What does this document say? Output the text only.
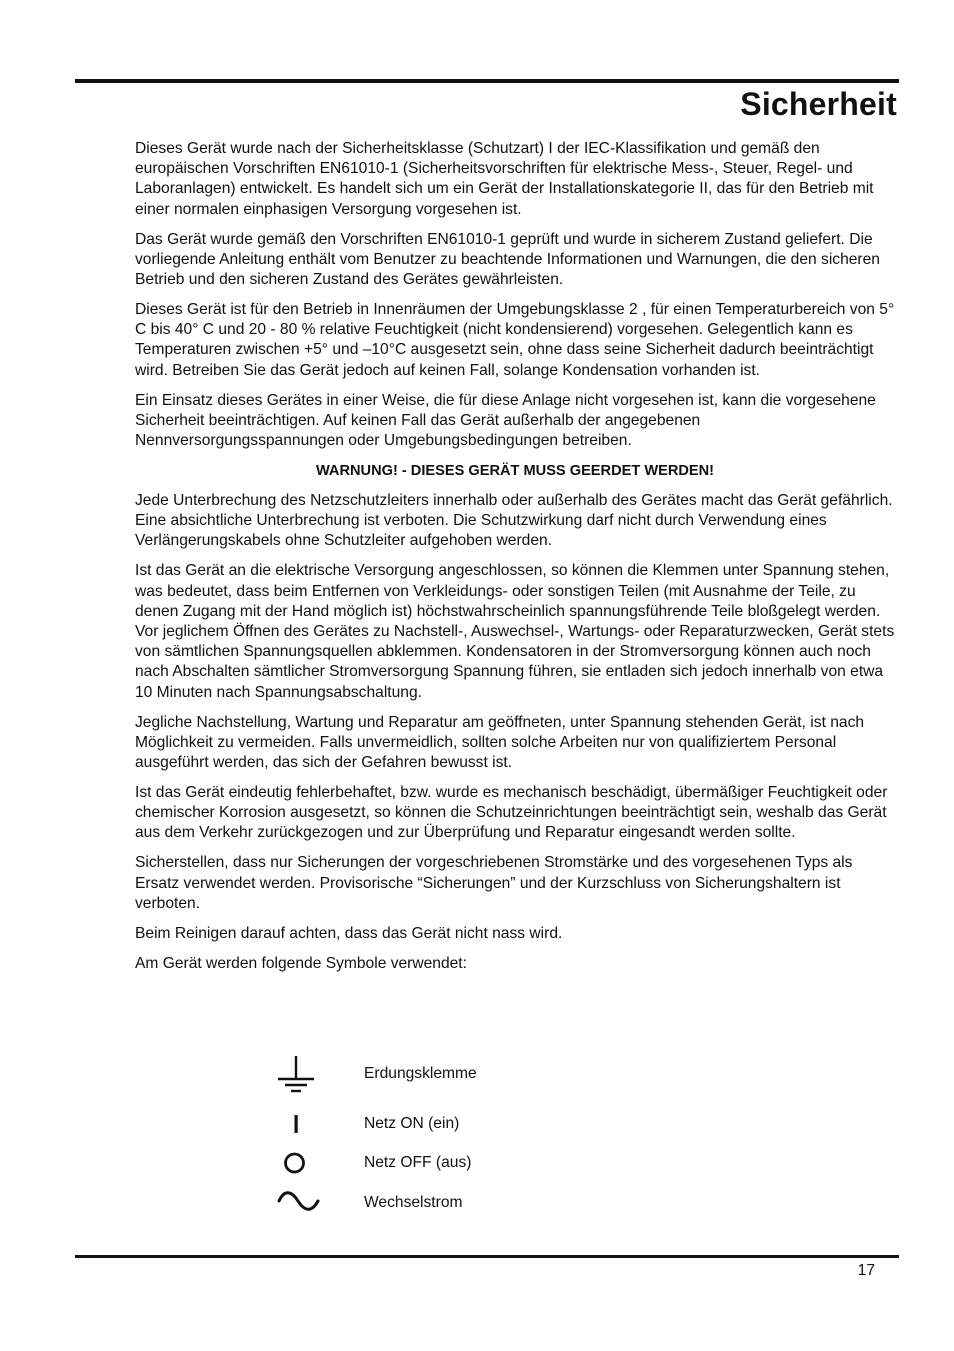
Sicherheit

Dieses Gerät wurde nach der Sicherheitsklasse (Schutzart) I der IEC-Klassifikation und gemäß den europäischen Vorschriften EN61010-1 (Sicherheitsvorschriften für elektrische Mess-, Steuer, Regel- und Laboranlagen) entwickelt. Es handelt sich um ein Gerät der Installationskategorie II, das für den Betrieb mit einer normalen einphasigen Versorgung vorgesehen ist.

Das Gerät wurde gemäß den Vorschriften EN61010-1 geprüft und wurde in sicherem Zustand geliefert. Die vorliegende Anleitung enthält vom Benutzer zu beachtende Informationen und Warnungen, die den sicheren Betrieb und den sicheren Zustand des Gerätes gewährleisten.

Dieses Gerät ist für den Betrieb in Innenräumen der Umgebungsklasse 2 , für einen Temperaturbereich von 5° C bis 40° C und 20 - 80 % relative Feuchtigkeit (nicht kondensierend) vorgesehen. Gelegentlich kann es Temperaturen zwischen +5° und –10°C ausgesetzt sein, ohne dass seine Sicherheit dadurch beeinträchtigt wird. Betreiben Sie das Gerät jedoch auf keinen Fall, solange Kondensation vorhanden ist.

Ein Einsatz dieses Gerätes in einer Weise, die für diese Anlage nicht vorgesehen ist, kann die vorgesehene Sicherheit beeinträchtigen. Auf keinen Fall das Gerät außerhalb der angegebenen Nennversorgungsspannungen oder Umgebungsbedingungen betreiben.

WARNUNG! - DIESES GERÄT MUSS GEERDET WERDEN!

Jede Unterbrechung des Netzschutzleiters innerhalb oder außerhalb des Gerätes macht das Gerät gefährlich. Eine absichtliche Unterbrechung ist verboten. Die Schutzwirkung darf nicht durch Verwendung eines Verlängerungskabels ohne Schutzleiter aufgehoben werden.

Ist das Gerät an die elektrische Versorgung angeschlossen, so können die Klemmen unter Spannung stehen, was bedeutet, dass beim Entfernen von Verkleidungs- oder sonstigen Teilen (mit Ausnahme der Teile, zu denen Zugang mit der Hand möglich ist) höchstwahrscheinlich spannungsführende Teile bloßgelegt werden. Vor jeglichem Öffnen des Gerätes zu Nachstell-, Auswechsel-, Wartungs- oder Reparaturzwecken, Gerät stets von sämtlichen Spannungsquellen abklemmen. Kondensatoren in der Stromversorgung können auch noch nach Abschalten sämtlicher Stromversorgung Spannung führen, sie entladen sich jedoch innerhalb von etwa 10 Minuten nach Spannungsabschaltung.

Jegliche Nachstellung, Wartung und Reparatur am geöffneten, unter Spannung stehenden Gerät, ist nach Möglichkeit zu vermeiden. Falls unvermeidlich, sollten solche Arbeiten nur von qualifiziertem Personal ausgeführt werden, das sich der Gefahren bewusst ist.

Ist das Gerät eindeutig fehlerbehaftet, bzw. wurde es mechanisch beschädigt, übermäßiger Feuchtigkeit oder chemischer Korrosion ausgesetzt, so können die Schutzeinrichtungen beeinträchtigt sein, weshalb das Gerät aus dem Verkehr zurückgezogen und zur Überprüfung und Reparatur eingesandt werden sollte.

Sicherstellen, dass nur Sicherungen der vorgeschriebenen Stromstärke und des vorgesehenen Typs als Ersatz verwendet werden. Provisorische “Sicherungen” und der Kurzschluss von Sicherungshaltern ist verboten.

Beim Reinigen darauf achten, dass das Gerät nicht nass wird.

Am Gerät werden folgende Symbole verwendet:

Erdungsklemme
Netz ON (ein)
Netz OFF (aus)
Wechselstrom
17
